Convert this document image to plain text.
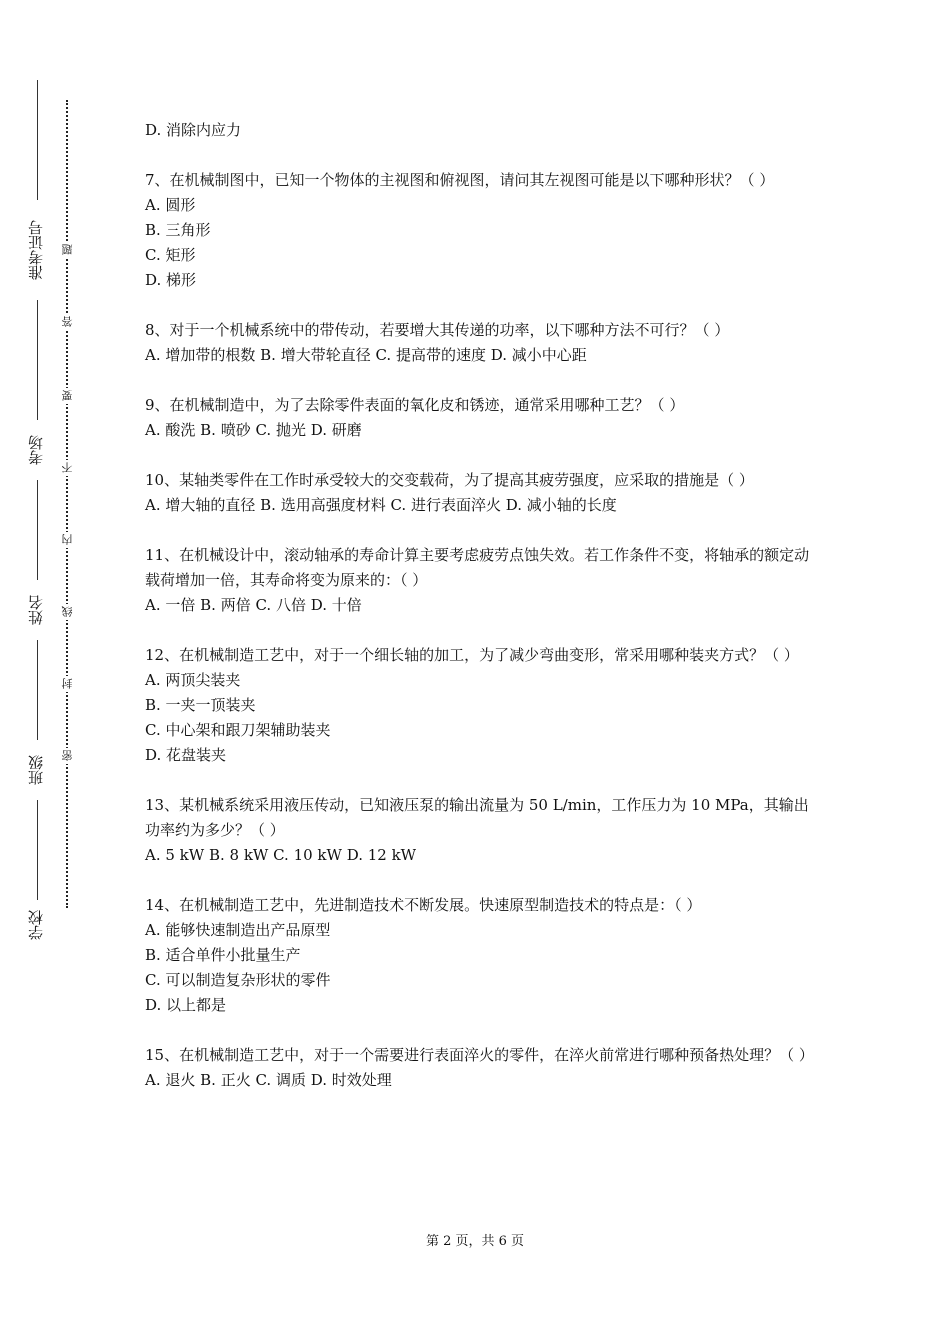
准考证号
考场
姓名
班级
学校
题
答
要
不
内
线
封
密
D. 消除内应力
7、在机械制图中，已知一个物体的主视图和俯视图，请问其左视图可能是以下哪种形状？（ ）
A. 圆形
B. 三角形
C. 矩形
D. 梯形
8、对于一个机械系统中的带传动，若要增大其传递的功率，以下哪种方法不可行？（ ）
A. 增加带的根数 B. 增大带轮直径 C. 提高带的速度 D. 减小中心距
9、在机械制造中，为了去除零件表面的氧化皮和锈迹，通常采用哪种工艺？（ ）
A. 酸洗 B. 喷砂 C. 抛光 D. 研磨
10、某轴类零件在工作时承受较大的交变载荷，为了提高其疲劳强度，应采取的措施是（ ）
A. 增大轴的直径 B. 选用高强度材料 C. 进行表面淬火 D. 减小轴的长度
11、在机械设计中，滚动轴承的寿命计算主要考虑疲劳点蚀失效。若工作条件不变，将轴承的额定动载荷增加一倍，其寿命将变为原来的：（ ）
A. 一倍 B. 两倍 C. 八倍 D. 十倍
12、在机械制造工艺中，对于一个细长轴的加工，为了减少弯曲变形，常采用哪种装夹方式？（ ）
A. 两顶尖装夹
B. 一夹一顶装夹
C. 中心架和跟刀架辅助装夹
D. 花盘装夹
13、某机械系统采用液压传动，已知液压泵的输出流量为 50 L/min，工作压力为 10 MPa，其输出功率约为多少？（ ）
A. 5 kW B. 8 kW C. 10 kW D. 12 kW
14、在机械制造工艺中，先进制造技术不断发展。快速原型制造技术的特点是：（ ）
A. 能够快速制造出产品原型
B. 适合单件小批量生产
C. 可以制造复杂形状的零件
D. 以上都是
15、在机械制造工艺中，对于一个需要进行表面淬火的零件，在淬火前常进行哪种预备热处理？（ ）
A. 退火 B. 正火 C. 调质 D. 时效处理
第 2 页，共 6 页
